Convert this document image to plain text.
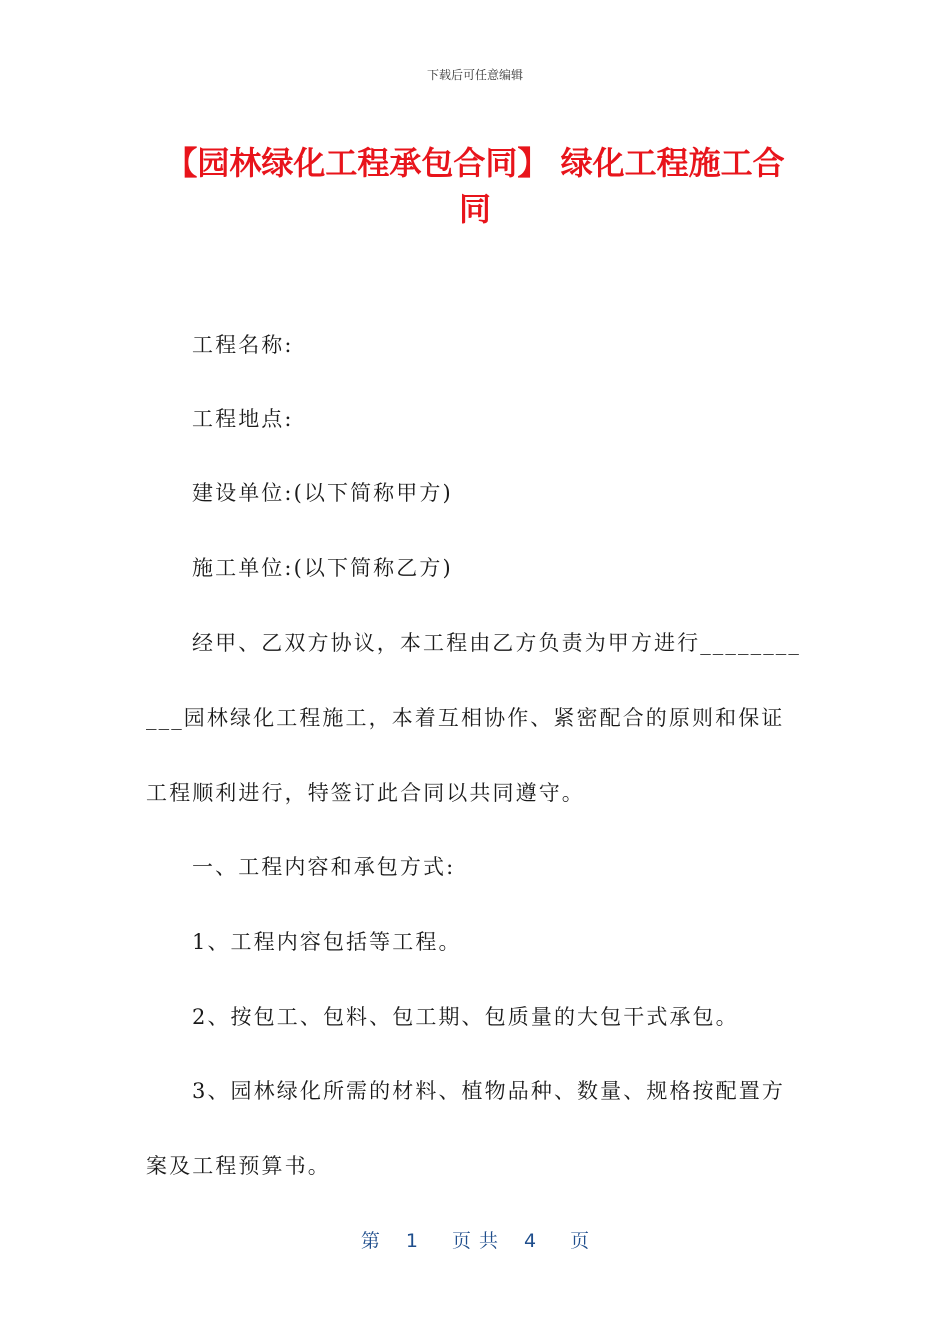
下载后可任意编辑
【园林绿化工程承包合同】 绿化工程施工合
同

工程名称:

工程地点:

建设单位:(以下简称甲方)

施工单位:(以下简称乙方)

经甲、乙双方协议，本工程由乙方负责为甲方进行________

___园林绿化工程施工，本着互相协作、紧密配合的原则和保证

工程顺利进行，特签订此合同以共同遵守。

一、工程内容和承包方式:

1、工程内容包括等工程。

2、按包工、包料、包工期、包质量的大包干式承包。

3、园林绿化所需的材料、植物品种、数量、规格按配置方

案及工程预算书。

第 1 页共 4 页
